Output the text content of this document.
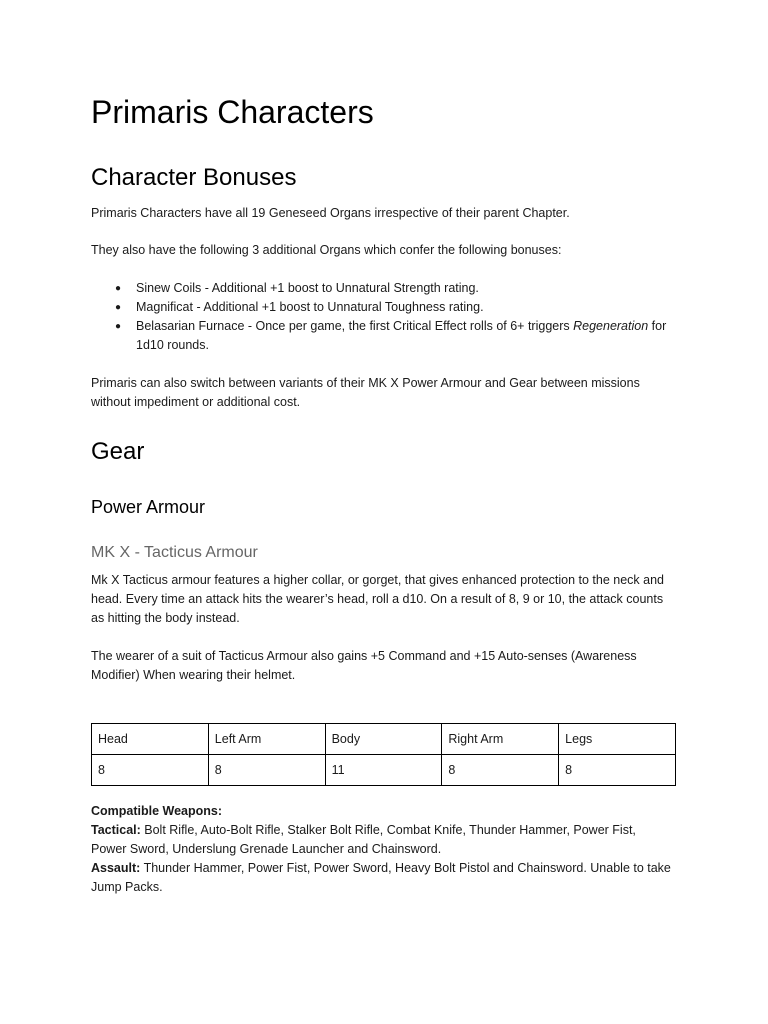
Primaris Characters
Character Bonuses

Primaris Characters have all 19 Geneseed Organs irrespective of their parent Chapter.

They also have the following 3 additional Organs which confer the following bonuses:

● Sinew Coils - Additional +1 boost to Unnatural Strength rating.
● Magnificat - Additional +1 boost to Unnatural Toughness rating.
● Belasarian Furnace - Once per game, the first Critical Effect rolls of 6+ triggers Regeneration for 1d10 rounds.

Primaris can also switch between variants of their MK X Power Armour and Gear between missions without impediment or additional cost.

Gear
Power Armour
MK X - Tacticus Armour

Mk X Tacticus armour features a higher collar, or gorget, that gives enhanced protection to the neck and head. Every time an attack hits the wearer’s head, roll a d10. On a result of 8, 9 or 10, the attack counts as hitting the body instead.

The wearer of a suit of Tacticus Armour also gains +5 Command and +15 Auto-senses (Awareness Modifier) When wearing their helmet.

Head	Left Arm	Body	Right Arm	Legs
8	8	11	8	8

Compatible Weapons:

Tactical: Bolt Rifle, Auto-Bolt Rifle, Stalker Bolt Rifle, Combat Knife, Thunder Hammer, Power Fist, Power Sword, Underslung Grenade Launcher and Chainsword.

Assault: Thunder Hammer, Power Fist, Power Sword, Heavy Bolt Pistol and Chainsword. Unable to take Jump Packs.
